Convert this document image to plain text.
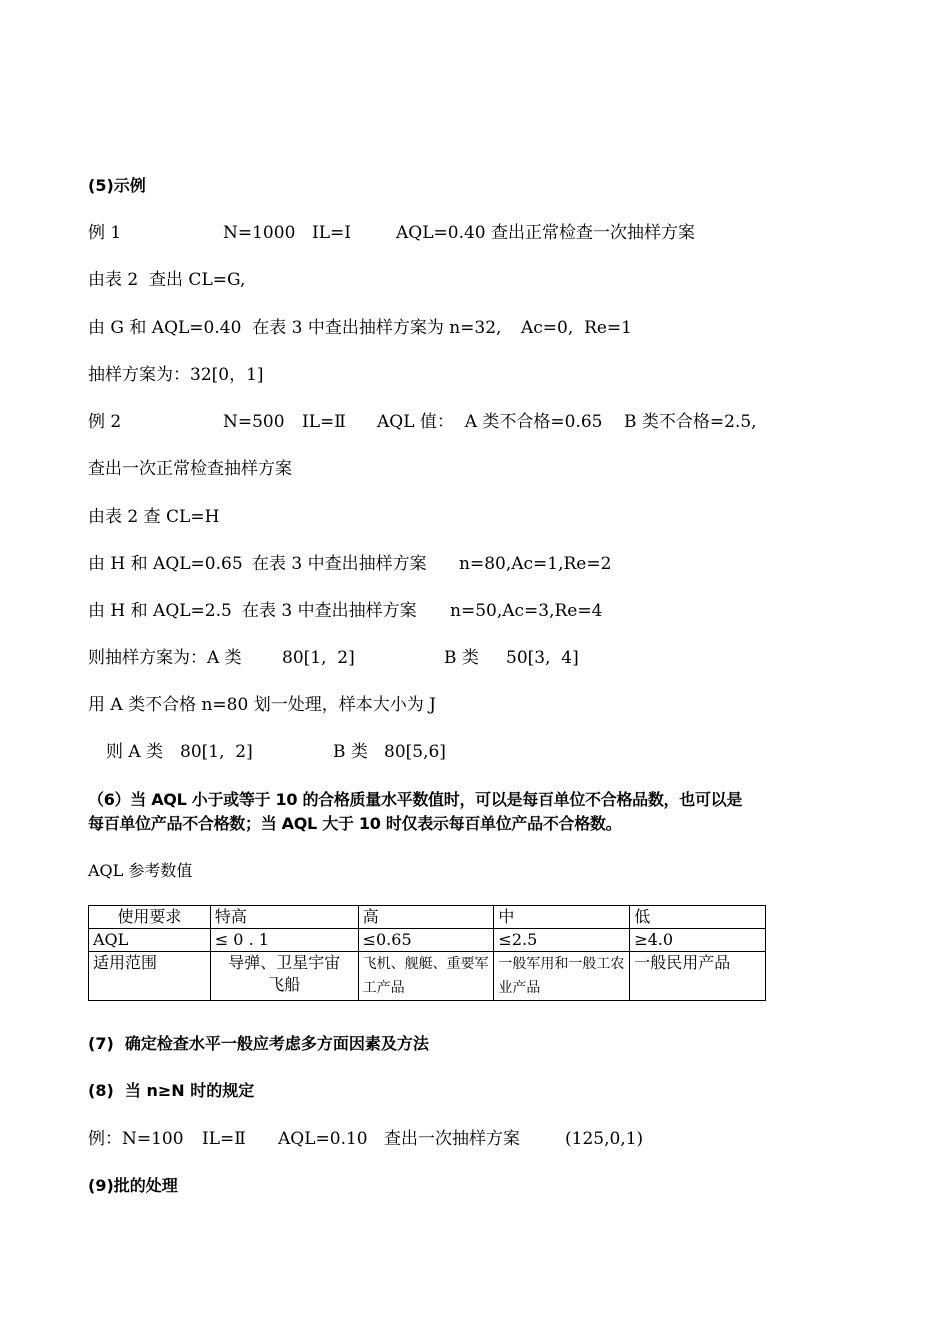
(5)示例

例 1

	N=1000

IL=I

	AQL=0.40 查出正常检查一次抽样方案

由表 2  查出 CL=G,

由 G 和 AQL=0.40  在表 3 中查出抽样方案为 n=32,

Ac=0,  Re=1

抽样方案为：32[0，1]

例 2

	N=500

IL=Ⅱ

AQL 值：  A 类不合格=0.65

B 类不合格=2.5,

查出一次正常检查抽样方案
由表 2 查 CL=H

由 H 和 AQL=0.65

在表 3 中查出抽样方案

n=80,Ac=1,Re=2

由 H 和 AQL=2.5

在表 3 中查出抽样方案

n=50,Ac=3,Re=4

则抽样方案为：A 类

80[1,  2]

	B 类

50[3,  4]

用 A 类不合格 n=80 划一处理，样本大小为 J

则 A 类

80[1,  2]

	B 类

80[5,6]

（6）当 AQL 小于或等于 10 的合格质量水平数值时，可以是每百单位不合格品数，也可以是
每百单位产品不合格数；当 AQL 大于 10 时仅表示每百单位产品不合格数。
AQL 参考数值
使用要求	特高	高	中	低
AQL	≤ 0 . 1	≤0.65	≤2.5	≥4.0
适用范围	导弹、卫星宇宙飞船	飞机、舰艇、重要军工产品	一般军用和一般工农业产品	一般民用产品
(7)  确定检查水平一般应考虑多方面因素及方法
(8)  当 n≥N 时的规定

例：N=100

IL=Ⅱ

AQL=0.10

查出一次抽样方案

	(125,0,1)

(9)批的处理
